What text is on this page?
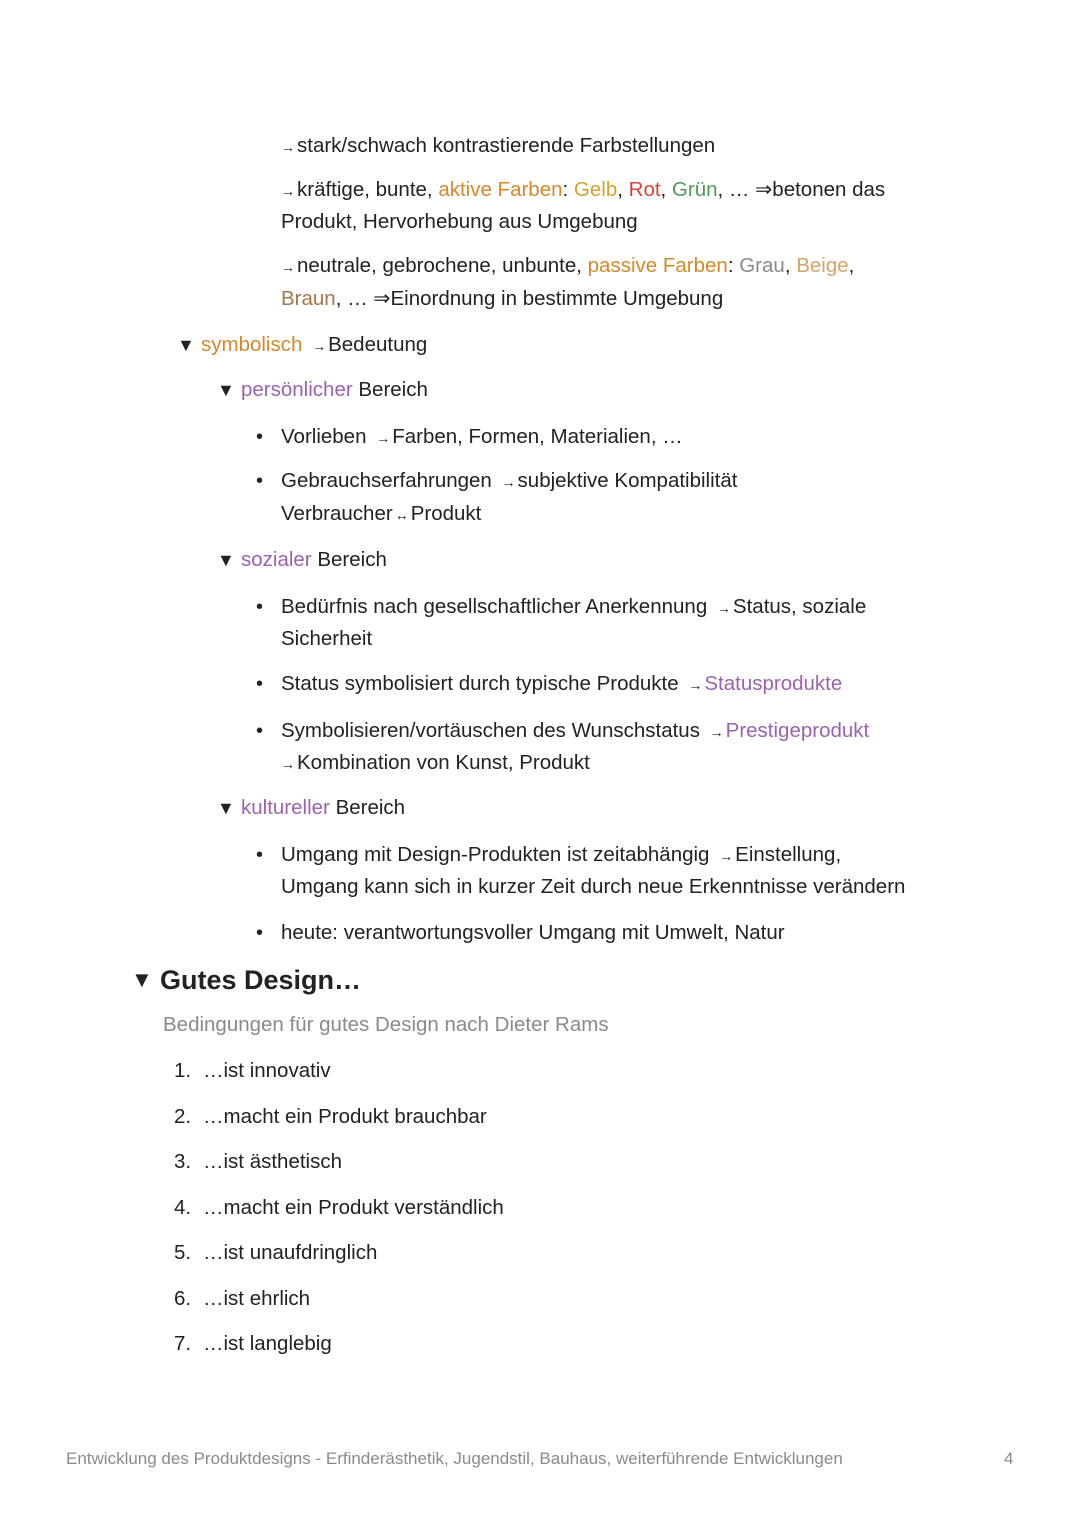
→stark/schwach kontrastierende Farbstellungen
→kräftige, bunte, aktive Farben: Gelb, Rot, Grün, … ⇒betonen das
Produkt, Hervorhebung aus Umgebung
→neutrale, gebrochene, unbunte, passive Farben: Grau, Beige,
Braun, … ⇒Einordnung in bestimmte Umgebung
▼ symbolisch →Bedeutung
▼ persönlicher Bereich
• Vorlieben →Farben, Formen, Materialien, …
• Gebrauchserfahrungen →subjektive Kompatibilität
Verbraucher ↔Produkt
▼ sozialer Bereich
• Bedürfnis nach gesellschaftlicher Anerkennung →Status, soziale
Sicherheit
• Status symbolisiert durch typische Produkte →Statusprodukte
• Symbolisieren/vortäuschen des Wunschstatus →Prestigeprodukt
→Kombination von Kunst, Produkt
▼ kultureller Bereich
• Umgang mit Design-Produkten ist zeitabhängig →Einstellung,
Umgang kann sich in kurzer Zeit durch neue Erkenntnisse verändern
• heute: verantwortungsvoller Umgang mit Umwelt, Natur
▼ Gutes Design…
Bedingungen für gutes Design nach Dieter Rams
1. …ist innovativ
2. …macht ein Produkt brauchbar
3. …ist ästhetisch
4. …macht ein Produkt verständlich
5. …ist unaufdringlich
6. …ist ehrlich
7. …ist langlebig
Entwicklung des Produktdesigns - Erfinderästhetik, Jugendstil, Bauhaus, weiterführende Entwicklungen	4
